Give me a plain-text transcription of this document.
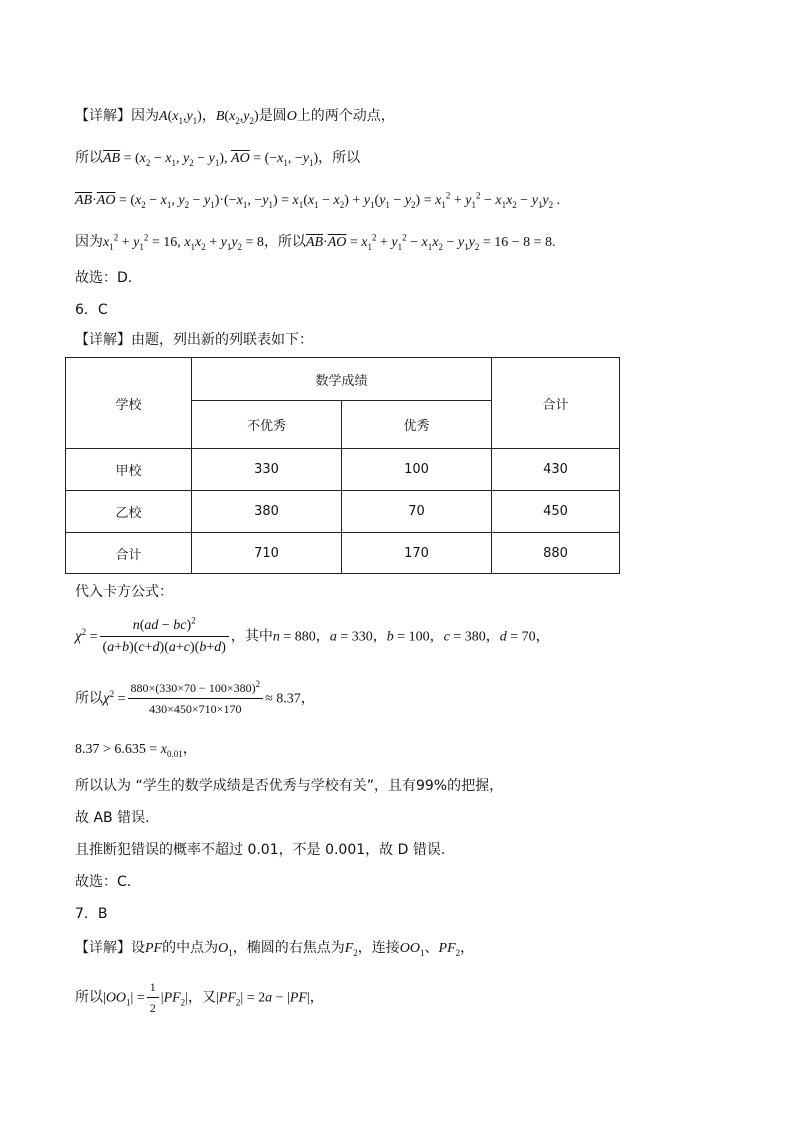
【详解】因为$A(x_1,y_1)$，$B(x_2,y_2)$是圆O上的两个动点，
所以$\overline{AB} = (x_2 - x_1$, $y_2 - y_1$), $\overline{AO} = (-x_1$, $-y_1$)，所以
$\overline{AB}\cdot\overline{AO} = (x_2 - x_1$, $y_2 - y_1)\cdot(-x_1$, $-y_1) = x_1(x_1 - x_2) + y_1(y_1 - y_2) = x_1^2 + y_1^2 - x_1x_2 - y_1y_2$ .
因为$x_1^2 + y_1^2 = 16$, $x_1x_2 + y_1y_2 = 8$，所以$\overline{AB}\cdot\overline{AO} = x_1^2 + y_1^2 - x_1x_2 - y_1y_2 = 16 - 8 = 8$.
故选：D.
6．C
【详解】由题，列出新的列联表如下：
学校	数学成绩		合计
	不优秀	优秀	
甲校	330	100	430
乙校	380	70	450
合计	710	170	880
代入卡方公式：
$\chi^2 = \frac{n(ad - bc)^2}{(a+b)(c+d)(a+c)(b+d)}$ ，其中n = 880，a = 330，b = 100，c = 380，d = 70，
所以$\chi^2 = \frac{880\times(330\times 70 - 100\times 380)^2}{430\times 450\times 710\times 170} \approx 8.37$，
$8.37 > 6.635 = x_{0.01}$，
所以认为 “学生的数学成绩是否优秀与学校有关”，且有99%的把握，
故 AB 错误.
且推断犯错误的概率不超过 0.01，不是 0.001，故 D 错误.
故选：C.
7．B
【详解】设PF的中点为$O_1$，椭圆的右焦点为$F_2$，连接$OO_1$、$PF_2$，
所以$|OO_1| = \frac{1}{2} |PF_2|$，又$|PF_2| = 2a - |PF|$，
